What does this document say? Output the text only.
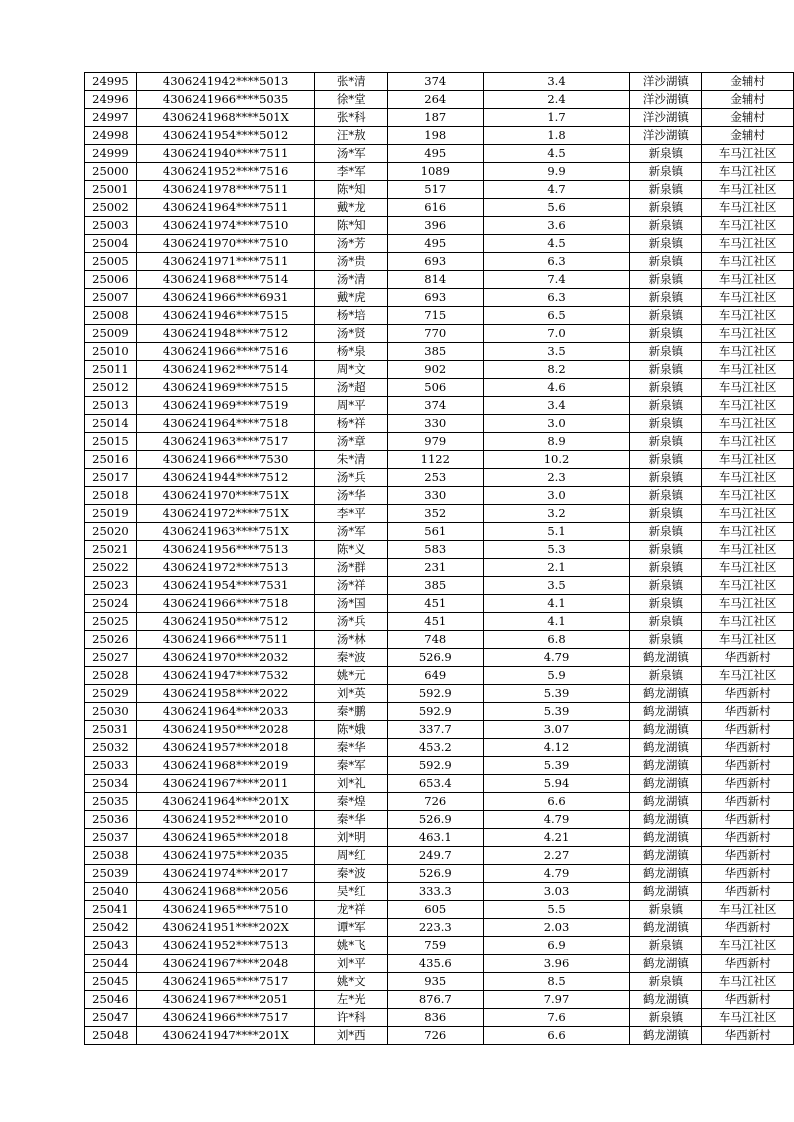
24995	4306241942****5013	张*清	374	3.4	洋沙湖镇	金辅村
24996	4306241966****5035	徐*堂	264	2.4	洋沙湖镇	金辅村
24997	4306241968****501X	张*科	187	1.7	洋沙湖镇	金辅村
24998	4306241954****5012	汪*敖	198	1.8	洋沙湖镇	金辅村
24999	4306241940****7511	汤*军	495	4.5	新泉镇	车马江社区
25000	4306241952****7516	李*军	1089	9.9	新泉镇	车马江社区
25001	4306241978****7511	陈*知	517	4.7	新泉镇	车马江社区
25002	4306241964****7511	戴*龙	616	5.6	新泉镇	车马江社区
25003	4306241974****7510	陈*知	396	3.6	新泉镇	车马江社区
25004	4306241970****7510	汤*芳	495	4.5	新泉镇	车马江社区
25005	4306241971****7511	汤*贵	693	6.3	新泉镇	车马江社区
25006	4306241968****7514	汤*清	814	7.4	新泉镇	车马江社区
25007	4306241966****6931	戴*虎	693	6.3	新泉镇	车马江社区
25008	4306241946****7515	杨*培	715	6.5	新泉镇	车马江社区
25009	4306241948****7512	汤*贤	770	7.0	新泉镇	车马江社区
25010	4306241966****7516	杨*泉	385	3.5	新泉镇	车马江社区
25011	4306241962****7514	周*文	902	8.2	新泉镇	车马江社区
25012	4306241969****7515	汤*超	506	4.6	新泉镇	车马江社区
25013	4306241969****7519	周*平	374	3.4	新泉镇	车马江社区
25014	4306241964****7518	杨*祥	330	3.0	新泉镇	车马江社区
25015	4306241963****7517	汤*章	979	8.9	新泉镇	车马江社区
25016	4306241966****7530	朱*清	1122	10.2	新泉镇	车马江社区
25017	4306241944****7512	汤*兵	253	2.3	新泉镇	车马江社区
25018	4306241970****751X	汤*华	330	3.0	新泉镇	车马江社区
25019	4306241972****751X	李*平	352	3.2	新泉镇	车马江社区
25020	4306241963****751X	汤*军	561	5.1	新泉镇	车马江社区
25021	4306241956****7513	陈*义	583	5.3	新泉镇	车马江社区
25022	4306241972****7513	汤*群	231	2.1	新泉镇	车马江社区
25023	4306241954****7531	汤*祥	385	3.5	新泉镇	车马江社区
25024	4306241966****7518	汤*国	451	4.1	新泉镇	车马江社区
25025	4306241950****7512	汤*兵	451	4.1	新泉镇	车马江社区
25026	4306241966****7511	汤*林	748	6.8	新泉镇	车马江社区
25027	4306241970****2032	秦*波	526.9	4.79	鹤龙湖镇	华西新村
25028	4306241947****7532	姚*元	649	5.9	新泉镇	车马江社区
25029	4306241958****2022	刘*英	592.9	5.39	鹤龙湖镇	华西新村
25030	4306241964****2033	秦*鹏	592.9	5.39	鹤龙湖镇	华西新村
25031	4306241950****2028	陈*娥	337.7	3.07	鹤龙湖镇	华西新村
25032	4306241957****2018	秦*华	453.2	4.12	鹤龙湖镇	华西新村
25033	4306241968****2019	秦*军	592.9	5.39	鹤龙湖镇	华西新村
25034	4306241967****2011	刘*礼	653.4	5.94	鹤龙湖镇	华西新村
25035	4306241964****201X	秦*煌	726	6.6	鹤龙湖镇	华西新村
25036	4306241952****2010	秦*华	526.9	4.79	鹤龙湖镇	华西新村
25037	4306241965****2018	刘*明	463.1	4.21	鹤龙湖镇	华西新村
25038	4306241975****2035	周*红	249.7	2.27	鹤龙湖镇	华西新村
25039	4306241974****2017	秦*波	526.9	4.79	鹤龙湖镇	华西新村
25040	4306241968****2056	吴*红	333.3	3.03	鹤龙湖镇	华西新村
25041	4306241965****7510	龙*祥	605	5.5	新泉镇	车马江社区
25042	4306241951****202X	谭*军	223.3	2.03	鹤龙湖镇	华西新村
25043	4306241952****7513	姚*飞	759	6.9	新泉镇	车马江社区
25044	4306241967****2048	刘*平	435.6	3.96	鹤龙湖镇	华西新村
25045	4306241965****7517	姚*文	935	8.5	新泉镇	车马江社区
25046	4306241967****2051	左*光	876.7	7.97	鹤龙湖镇	华西新村
25047	4306241966****7517	许*科	836	7.6	新泉镇	车马江社区
25048	4306241947****201X	刘*西	726	6.6	鹤龙湖镇	华西新村
